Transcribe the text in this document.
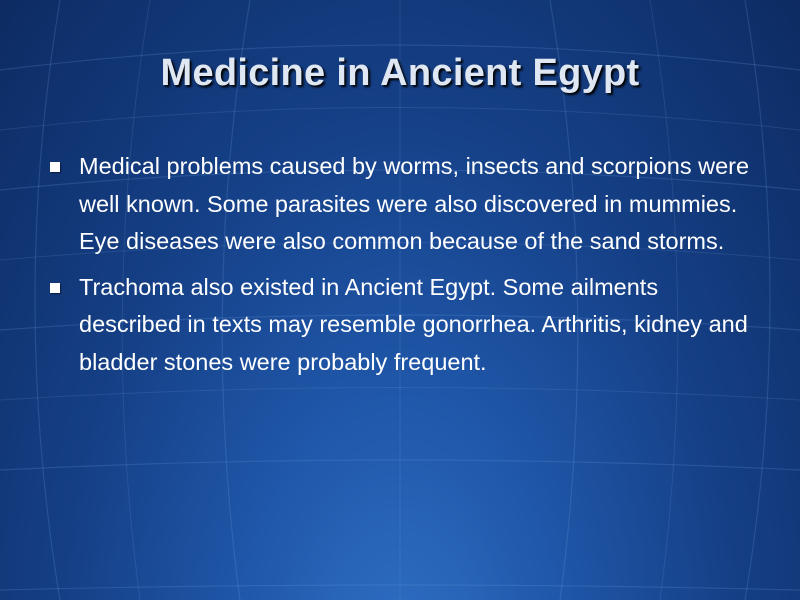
Medicine in Ancient Egypt
Medical problems caused by worms, insects and scorpions were well known. Some parasites were also discovered in mummies. Eye diseases were also common because of the sand storms.
Trachoma also existed in Ancient Egypt. Some ailments described in texts may resemble gonorrhea. Arthritis, kidney and bladder stones were probably frequent.
